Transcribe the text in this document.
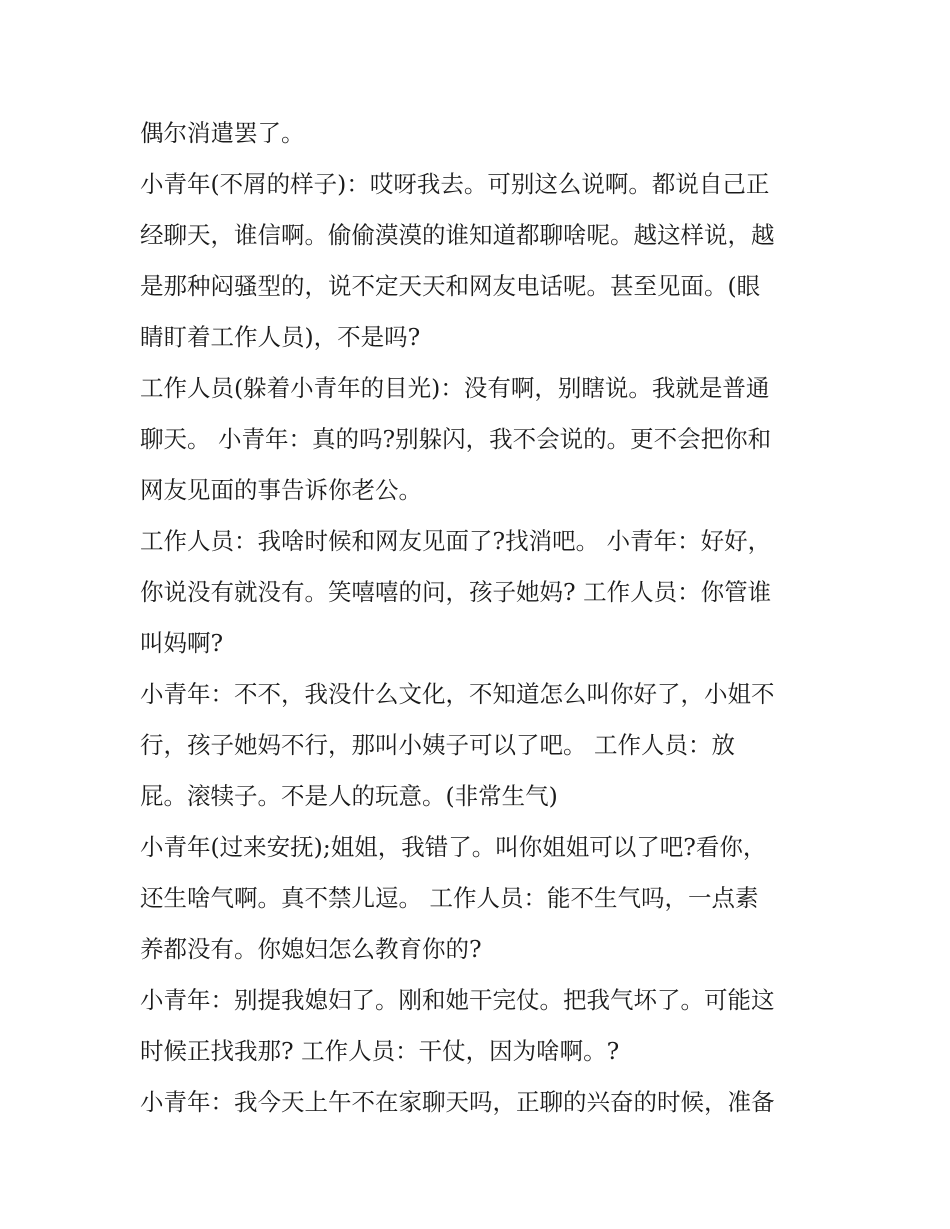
偶尔消遣罢了。
小青年(不屑的样子)：哎呀我去。可别这么说啊。都说自己正
经聊天，谁信啊。偷偷漠漠的谁知道都聊啥呢。越这样说，越
是那种闷骚型的，说不定天天和网友电话呢。甚至见面。(眼
睛盯着工作人员)，不是吗?
工作人员(躲着小青年的目光)：没有啊，别瞎说。我就是普通
聊天。 小青年：真的吗?别躲闪，我不会说的。更不会把你和
网友见面的事告诉你老公。
工作人员：我啥时候和网友见面了?找消吧。 小青年：好好，
你说没有就没有。笑嘻嘻的问，孩子她妈? 工作人员：你管谁
叫妈啊?
小青年：不不，我没什么文化，不知道怎么叫你好了，小姐不
行，孩子她妈不行，那叫小姨子可以了吧。 工作人员：放
屁。滚犊子。不是人的玩意。(非常生气)
小青年(过来安抚);姐姐，我错了。叫你姐姐可以了吧?看你，
还生啥气啊。真不禁儿逗。 工作人员：能不生气吗，一点素
养都没有。你媳妇怎么教育你的?
小青年：别提我媳妇了。刚和她干完仗。把我气坏了。可能这
时候正找我那? 工作人员：干仗，因为啥啊。?
小青年：我今天上午不在家聊天吗，正聊的兴奋的时候，准备
